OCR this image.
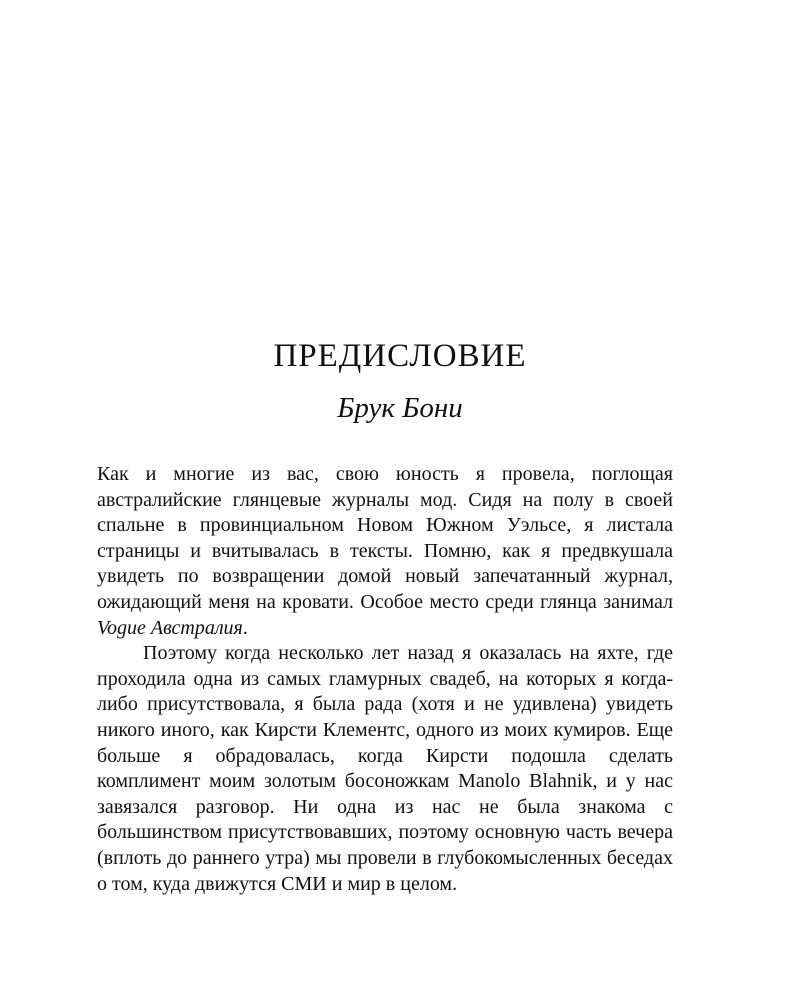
ПРЕДИСЛОВИЕ
Брук Бони

Как и многие из вас, свою юность я провела, поглощая австралийские глянцевые журналы мод. Сидя на полу в своей спальне в провинциальном Новом Южном Уэльсе, я листала страницы и вчитывалась в тексты. Помню, как я предвкушала увидеть по возвращении домой новый запечатанный журнал, ожидающий меня на кровати. Особое место среди глянца занимал Vogue Австралия.

Поэтому когда несколько лет назад я оказалась на яхте, где проходила одна из самых гламурных свадеб, на которых я когда-либо присутствовала, я была рада (хотя и не удивлена) увидеть никого иного, как Кирсти Клементс, одного из моих кумиров. Еще больше я обрадовалась, когда Кирсти подошла сделать комплимент моим золотым босоножкам Manolo Blahnik, и у нас завязался разговор. Ни одна из нас не была знакома с большинством присутствовавших, поэтому основную часть вечера (вплоть до раннего утра) мы провели в глубокомысленных беседах о том, куда движутся СМИ и мир в целом.
